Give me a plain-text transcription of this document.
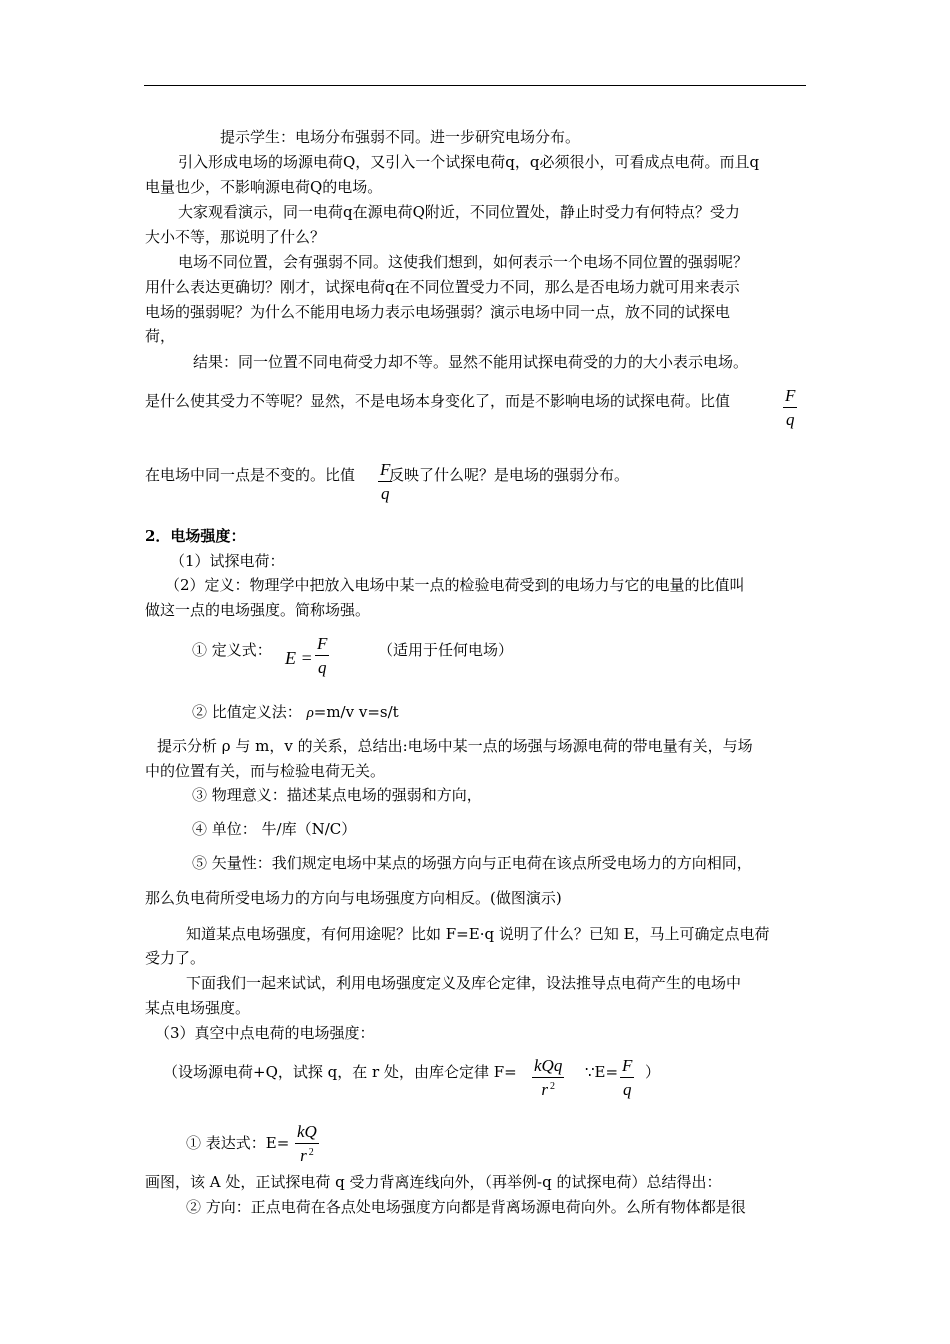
提示学生：电场分布强弱不同。进一步研究电场分布。
引入形成电场的场源电荷Q，又引入一个试探电荷q，q必须很小，可看成点电荷。而且q
电量也少，不影响源电荷Q的电场。
大家观看演示，同一电荷q在源电荷Q附近，不同位置处，静止时受力有何特点？受力
大小不等，那说明了什么？
电场不同位置，会有强弱不同。这使我们想到，如何表示一个电场不同位置的强弱呢？
用什么表达更确切？刚才，试探电荷q在不同位置受力不同，那么是否电场力就可用来表示
电场的强弱呢？为什么不能用电场力表示电场强弱？演示电场中同一点，放不同的试探电
荷，
结果：同一位置不同电荷受力却不等。显然不能用试探电荷受的力的大小表示电场。
是什么使其受力不等呢？显然，不是电场本身变化了，而是不影响电场的试探电荷。比值	$\frac{F}{q}$
在电场中同一点是不变的。比值 反映了什么呢？是电场的强弱分布。
$\frac{F}{q}$
2．电场强度：
（1）试探电荷：
（2）定义：物理学中把放入电场中某一点的检验电荷受到的电场力与它的电量的比值叫
做这一点的电场强度。简称场强。
① 定义式： $E = \frac{F}{q}$	（适用于任何电场）
② 比值定义法： ρ=m/v v=s/t
提示分析 ρ 与 m，v 的关系，总结出:电场中某一点的场强与场源电荷的带电量有关，与场
中的位置有关，而与检验电荷无关。
③ 物理意义：描述某点电场的强弱和方向，
④ 单位： 牛/库（N/C）
⑤ 矢量性：我们规定电场中某点的场强方向与正电荷在该点所受电场力的方向相同，
那么负电荷所受电场力的方向与电场强度方向相反。(做图演示)
知道某点电场强度，有何用途呢？比如 F=E·q 说明了什么？已知 E，马上可确定点电荷
受力了。
下面我们一起来试试，利用电场强度定义及库仑定律，设法推导点电荷产生的电场中
某点电场强度。
（3）真空中点电荷的电场强度：
（设场源电荷+Q，试探 q，在 r 处，由库仑定律 F= kQq
r $^2$
∵E= $\frac{F}{q}$ ）
① 表达式：$E= \frac{kQ}{r ^2}$
画图，该 A 处，正试探电荷 q 受力背离连线向外，（再举例-q 的试探电荷）总结得出：
② 方向：正点电荷在各点处电场强度方向都是背离场源电荷向外。么所有物体都是很
